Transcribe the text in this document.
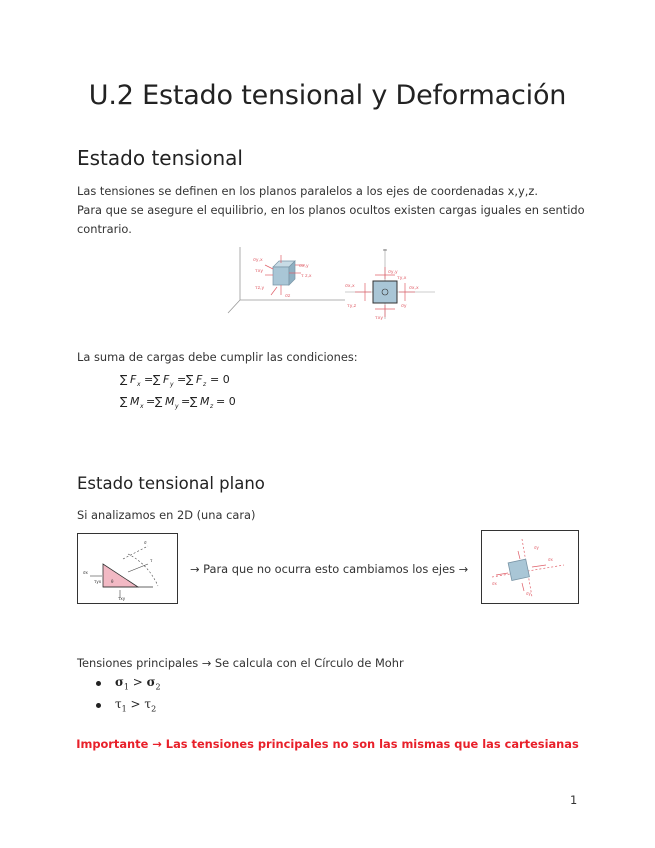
U.2 Estado tensional y Deformación
Estado tensional
Las tensiones se definen en los planos paralelos a los ejes de coordenadas x,y,z.
Para que se asegure el equilibrio, en los planos ocultos existen cargas iguales en sentido
contrario.
σy,x
τxy
σx,y
τ z,x
σz
τz,y
σy,y
τy,x
σx,x	σx,x
τxy
τy,z	σy
La suma de cargas debe cumplir las condiciones:
∑ F x = ∑ F y = ∑ F z = 0
∑ M x = ∑ M y = ∑ M z = 0
Estado tensional plano
Si analizamos en 2D (una cara)
σx
τxy
σ
τ
τyx θ
→ Para que no ocurra esto cambiamos los ejes →
σy
σx
σx
σy
Tensiones principales → Se calcula con el Círculo de Mohr
$\sigma_1 > \sigma_2$
$\tau_1 > \tau_2$
Importante → Las tensiones principales no son las mismas que las cartesianas
1
